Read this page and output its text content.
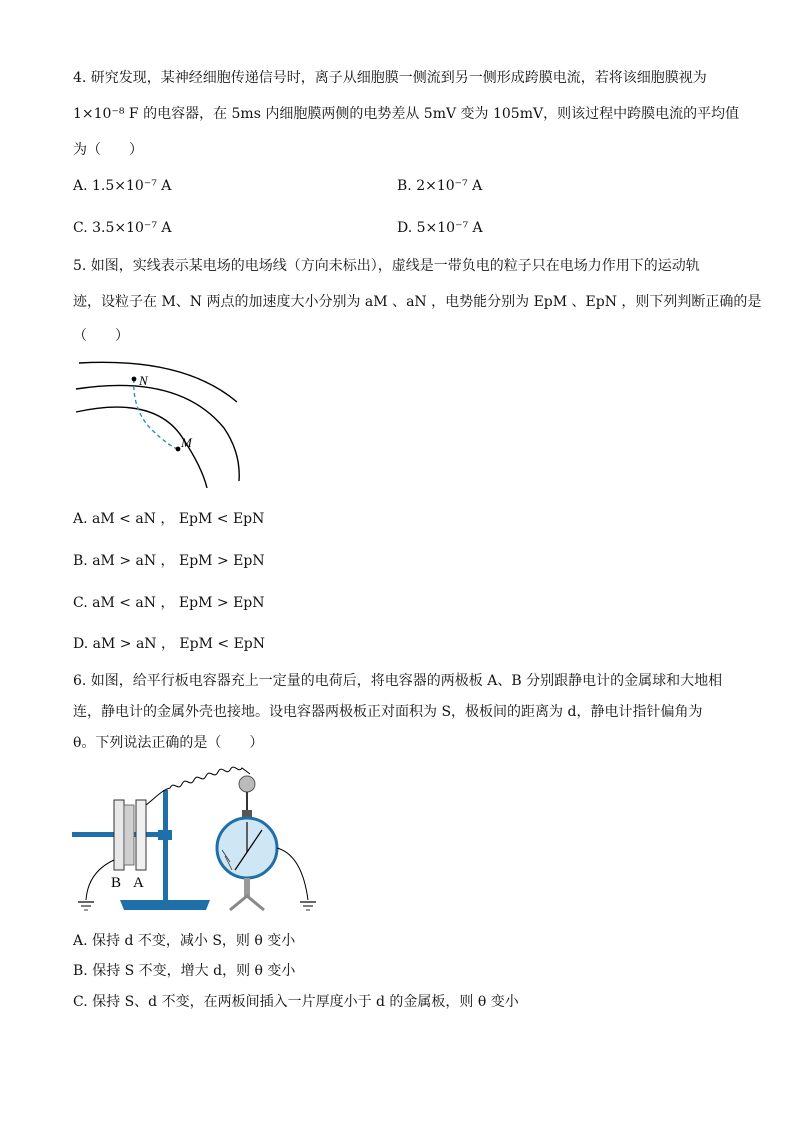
4. 研究发现，某神经细胞传递信号时，离子从细胞膜一侧流到另一侧形成跨膜电流，若将该细胞膜视为
1×10⁻⁸ F 的电容器，在 5ms 内细胞膜两侧的电势差从 5mV 变为 105mV，则该过程中跨膜电流的平均值
为（　　）
A. 1.5×10⁻⁷ A	B. 2×10⁻⁷ A
C. 3.5×10⁻⁷ A	D. 5×10⁻⁷ A
5. 如图，实线表示某电场的电场线（方向未标出），虚线是一带负电的粒子只在电场力作用下的运动轨
迹，设粒子在 M、N 两点的加速度大小分别为 aM 、aN ，电势能分别为 EpM 、EpN ，则下列判断正确的是
（　　）
N
M
A. aM < aN ， EpM < EpN
B. aM > aN ， EpM > EpN
C. aM < aN ， EpM > EpN
D. aM > aN ， EpM < EpN
6. 如图，给平行板电容器充上一定量的电荷后，将电容器的两极板 A、B 分别跟静电计的金属球和大地相
连，静电计的金属外壳也接地。设电容器两极板正对面积为 S，极板间的距离为 d，静电计指针偏角为
θ。下列说法正确的是（　　）
B A
A. 保持 d 不变，减小 S，则 θ 变小
B. 保持 S 不变，增大 d，则 θ 变小
C. 保持 S、d 不变，在两板间插入一片厚度小于 d 的金属板，则 θ 变小
